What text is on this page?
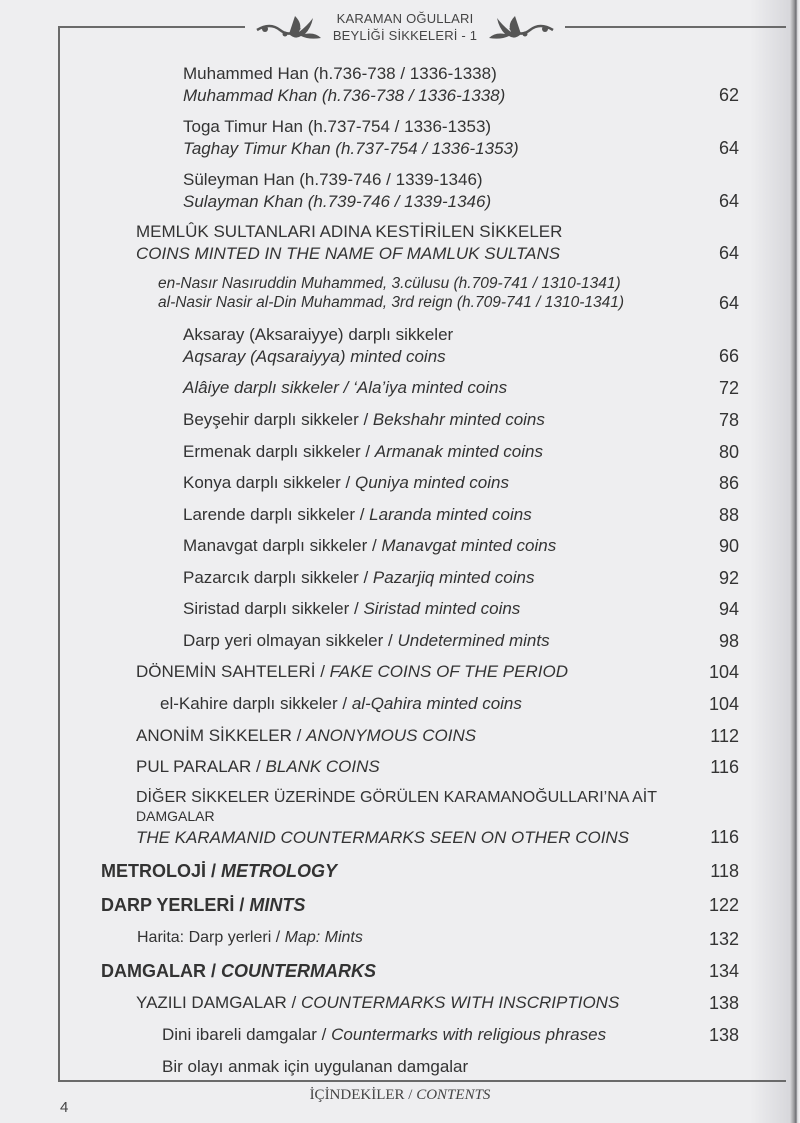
KARAMAN OĞULLARI
BEYLİĞİ SİKKELERİ - 1
Muhammed Han (h.736-738 / 1336-1338)
Muhammad Khan (h.736-738 / 1336-1338)	62
Toga Timur Han (h.737-754 / 1336-1353)
Taghay Timur Khan (h.737-754 / 1336-1353)	64
Süleyman Han (h.739-746 / 1339-1346)
Sulayman Khan (h.739-746 / 1339-1346)	64
MEMLÛK SULTANLARI ADINA KESTİRİLEN SİKKELER
COINS MINTED IN THE NAME OF MAMLUK SULTANS	64
en-Nasır Nasıruddin Muhammed, 3.cülusu (h.709-741 / 1310-1341)
al-Nasir Nasir al-Din Muhammad, 3rd reign (h.709-741 / 1310-1341)	64
Aksaray (Aksaraiyye) darplı sikkeler
Aqsaray (Aqsaraiyya) minted coins	66
Alâiye darplı sikkeler / ‘Ala’iya minted coins	72
Beyşehir darplı sikkeler / Bekshahr minted coins	78
Ermenak darplı sikkeler / Armanak minted coins	80
Konya darplı sikkeler / Quniya minted coins	86
Larende darplı sikkeler / Laranda minted coins	88
Manavgat darplı sikkeler / Manavgat minted coins	90
Pazarcık darplı sikkeler / Pazarjiq minted coins	92
Siristad darplı sikkeler / Siristad minted coins	94
Darp yeri olmayan sikkeler / Undetermined mints	98
DÖNEMİN SAHTELERİ / FAKE COINS OF THE PERIOD	104
el-Kahire darplı sikkeler / al-Qahira minted coins	104
ANONİM SİKKELER / ANONYMOUS COINS	112
PUL PARALAR / BLANK COINS	116
DİĞER SİKKELER ÜZERİNDE GÖRÜLEN KARAMANOĞULLARI’NA AİT
DAMGALAR
THE KARAMANID COUNTERMARKS SEEN ON OTHER COINS	116
METROLOJİ / METROLOGY	118
DARP YERLERİ / MINTS	122
Harita: Darp yerleri / Map: Mints	132
DAMGALAR / COUNTERMARKS	134
YAZILI DAMGALAR / COUNTERMARKS WITH INSCRIPTIONS	138
Dini ibareli damgalar / Countermarks with religious phrases	138
Bir olayı anmak için uygulanan damgalar
İÇİNDEKİLER / CONTENTS
4
